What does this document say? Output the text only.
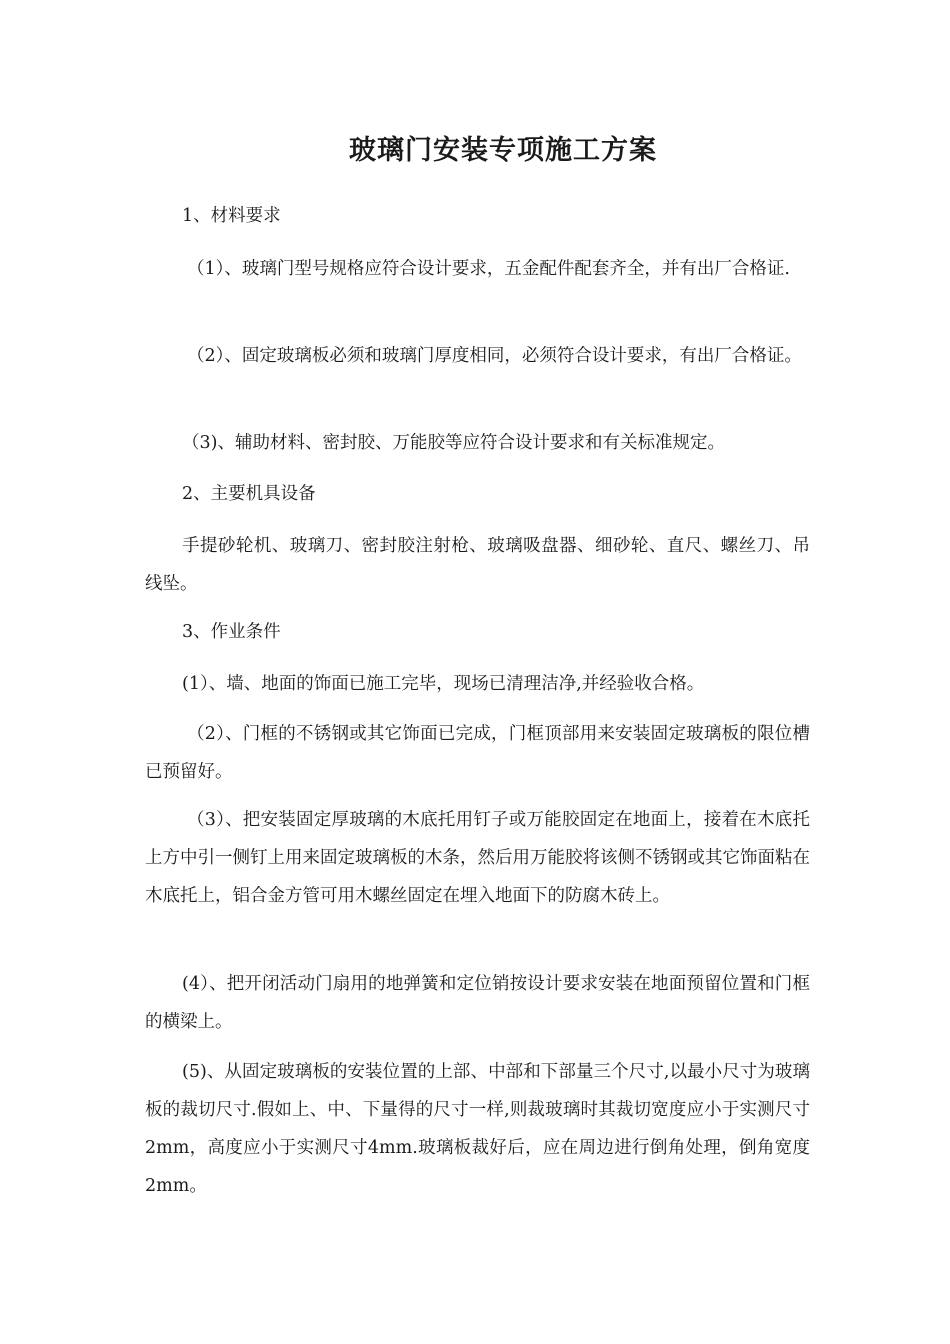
玻璃门安装专项施工方案
1、材料要求
（1）、玻璃门型号规格应符合设计要求，五金配件配套齐全，并有出厂合格证.
（2）、固定玻璃板必须和玻璃门厚度相同，必须符合设计要求，有出厂合格证。
（3)、辅助材料、密封胶、万能胶等应符合设计要求和有关标准规定。
2、主要机具设备
手提砂轮机、玻璃刀、密封胶注射枪、玻璃吸盘器、细砂轮、直尺、螺丝刀、吊线坠。
3、作业条件
(1）、墙、地面的饰面已施工完毕，现场已清理洁净,并经验收合格。
（2）、门框的不锈钢或其它饰面已完成，门框顶部用来安装固定玻璃板的限位槽已预留好。
（3）、把安装固定厚玻璃的木底托用钉子或万能胶固定在地面上，接着在木底托上方中引一侧钉上用来固定玻璃板的木条，然后用万能胶将该侧不锈钢或其它饰面粘在木底托上，铝合金方管可用木螺丝固定在埋入地面下的防腐木砖上。
(4）、把开闭活动门扇用的地弹簧和定位销按设计要求安装在地面预留位置和门框的横梁上。
(5)、从固定玻璃板的安装位置的上部、中部和下部量三个尺寸,以最小尺寸为玻璃板的裁切尺寸.假如上、中、下量得的尺寸一样,则裁玻璃时其裁切宽度应小于实测尺寸2mm，高度应小于实测尺寸4mm.玻璃板裁好后，应在周边进行倒角处理，倒角宽度2mm。
